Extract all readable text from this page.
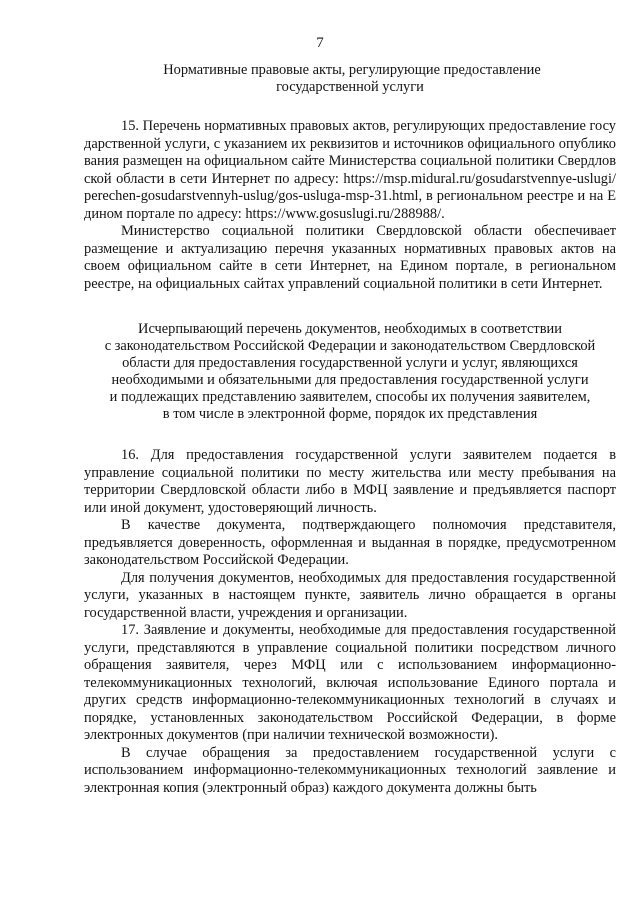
7
Нормативные правовые акты, регулирующие предоставление
государственной услуги

15. Перечень нормативных правовых актов, регулирующих предоставление государственной услуги, с указанием их реквизитов и источников официального опубликования размещен на официальном сайте Министерства социальной политики Свердловской области в сети Интернет по адресу: https://msp.midural.ru/gosudarstvennye-uslugi/perechen-gosudarstvennyh-uslug/gos-usluga-msp-31.html, в региональном реестре и на Едином портале по адресу: https://www.gosuslugi.ru/288988/.

Министерство социальной политики Свердловской области обеспечивает размещение и актуализацию перечня указанных нормативных правовых актов на своем официальном сайте в сети Интернет, на Едином портале, в региональном реестре, на официальных сайтах управлений социальной политики в сети Интернет.

Исчерпывающий перечень документов, необходимых в соответствии
с законодательством Российской Федерации и законодательством Свердловской
области для предоставления государственной услуги и услуг, являющихся
необходимыми и обязательными для предоставления государственной услуги
и подлежащих представлению заявителем, способы их получения заявителем,
в том числе в электронной форме, порядок их представления

16. Для предоставления государственной услуги заявителем подается в управление социальной политики по месту жительства или месту пребывания на территории Свердловской области либо в МФЦ заявление и предъявляется паспорт или иной документ, удостоверяющий личность.

В качестве документа, подтверждающего полномочия представителя, предъявляется доверенность, оформленная и выданная в порядке, предусмотренном законодательством Российской Федерации.

Для получения документов, необходимых для предоставления государственной услуги, указанных в настоящем пункте, заявитель лично обращается в органы государственной власти, учреждения и организации.

17. Заявление и документы, необходимые для предоставления государственной услуги, представляются в управление социальной политики посредством личного обращения заявителя, через МФЦ или с использованием информационно-телекоммуникационных технологий, включая использование Единого портала и других средств информационно-телекоммуникационных технологий в случаях и порядке, установленных законодательством Российской Федерации, в форме электронных документов (при наличии технической возможности).

В случае обращения за предоставлением государственной услуги с использованием информационно-телекоммуникационных технологий заявление и электронная копия (электронный образ) каждого документа должны быть
